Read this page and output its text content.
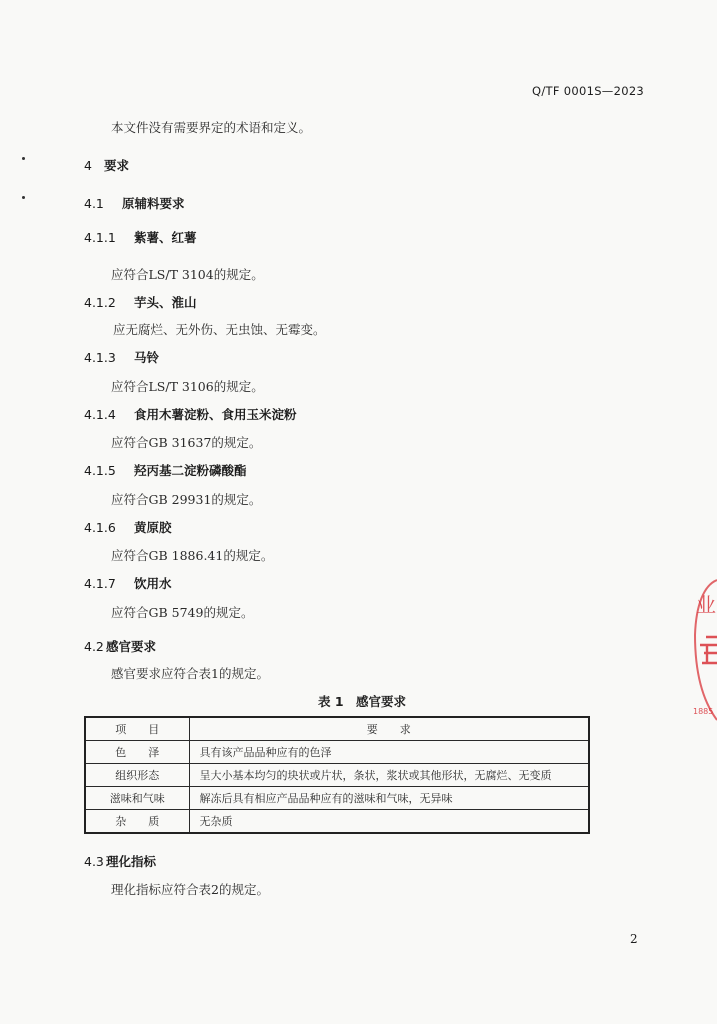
Q/TF 0001S—2023
本文件没有需要界定的术语和定义。
4 要求
4.1 原辅料要求
4.1.1 紫薯、红薯
应符合LS/T 3104的规定。
4.1.2 芋头、淮山
应无腐烂、无外伤、无虫蚀、无霉变。
4.1.3 马铃
应符合LS/T 3106的规定。
4.1.4 食用木薯淀粉、食用玉米淀粉
应符合GB 31637的规定。
4.1.5 羟丙基二淀粉磷酸酯
应符合GB 29931的规定。
4.1.6 黄原胶
应符合GB 1886.41的规定。
4.1.7 饮用水
应符合GB 5749的规定。
4.2 感官要求
感官要求应符合表1的规定。
表 1　感官要求
项　　目	要　　求
色　　泽	具有该产品品种应有的色泽
组织形态	呈大小基本均匀的块状或片状，条状，浆状或其他形状，无腐烂、无变质
滋味和气味	解冻后具有相应产品品种应有的滋味和气味，无异味
杂　　质	无杂质
4.3 理化指标
理化指标应符合表2的规定。
2
业
1885
